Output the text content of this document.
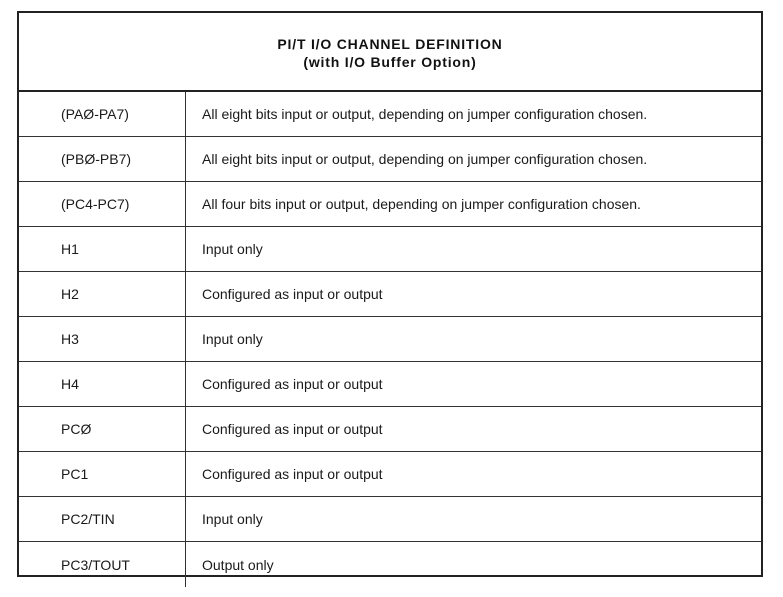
PI/T I/O CHANNEL DEFINITION
(with I/O Buffer Option)
(PAØ-PA7)	All eight bits input or output, depending on jumper configuration chosen.
(PBØ-PB7)	All eight bits input or output, depending on jumper configuration chosen.
(PC4-PC7)	All four bits input or output, depending on jumper configuration chosen.
H1	Input only
H2	Configured as input or output
H3	Input only
H4	Configured as input or output
PCØ	Configured as input or output
PC1	Configured as input or output
PC2/TIN	Input only
PC3/TOUT	Output only
